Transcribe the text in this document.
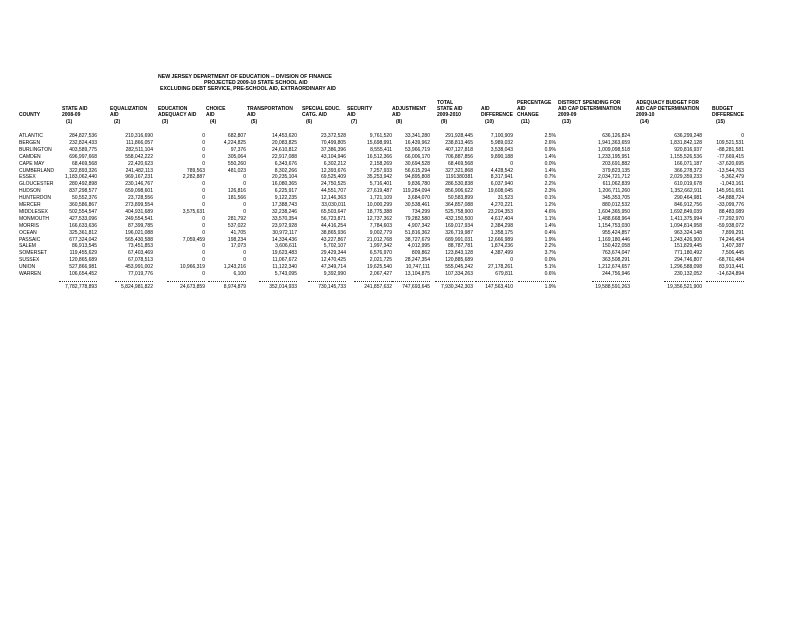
NEW JERSEY DEPARTMENT OF EDUCATION -- DIVISION OF FINANCE
PROJECTED 2009-10 STATE SCHOOL AID
EXCLUDING DEBT SERVICE, PRE-SCHOOL AID, EXTRAORDINARY AID
COUNTY
STATE AID
2008-09
(1)
EQUALIZATION
AID
(2)
EDUCATION
ADEQUACY AID
(3)
CHOICE
AID
(4)
TRANSPORTATION
AID
(5)
SPECIAL EDUC.
CATG. AID
(6)
SECURITY
AID
(7)
ADJUSTMENT
AID
(8)
TOTAL
STATE AID
2009-2010
(9)
AID
DIFFERENCE
(10)
PERCENTAGE
AID
CHANGE
(11)
DISTRICT SPENDING FOR
AID CAP DETERMINATION
2009-09
(13)
ADEQUACY BUDGET FOR
AID CAP DETERMINATION
2009-10
(14)
BUDGET
DIFFERENCE
(15)
ATLANTIC	284,827,536	210,316,690	0	682,807	14,453,620	23,372,528	9,761,520	33,341,280	291,928,445	7,100,909	2.5%	636,126,824	636,299,248	0
BERGEN	232,824,433	111,866,057	0	4,224,825	20,083,825	70,499,805	15,698,991	16,439,962	238,813,465	5,989,032	2.6%	1,941,363,659	1,831,842,128	109,521,531
BURLINGTON	403,589,775	282,511,104	0	97,376	24,610,812	37,386,396	8,555,411	53,966,719	407,127,818	3,538,043	0.9%	1,009,098,518	920,816,937	-88,281,581
CAMDEN	696,997,668	558,042,222	0	305,064	22,917,088	43,104,946	16,512,366	66,006,170	706,887,856	9,890,188	1.4%	1,233,195,951	1,155,526,536	-77,669,415
CAPE MAY	68,469,568	22,420,623	0	550,260	6,343,676	6,302,212	2,158,269	30,694,528	68,469,568	0	0.0%	203,691,882	166,071,187	-37,620,695
CUMBERLAND	322,893,326	241,482,113	789,563	481,023	8,302,266	12,393,676	7,257,933	56,615,294	327,321,868	4,428,542	1.4%	379,823,135	366,278,372	-13,544,763
ESSEX	1,183,062,440	969,167,231	2,282,887	0	20,235,104	69,525,409	35,253,942	94,895,808	1191380381	8,317,941	0.7%	2,034,721,712	2,029,359,233	-5,362,479
GLOUCESTER	280,492,898	230,146,767	0	0	16,080,365	24,750,525	5,716,401	9,836,780	286,530,838	6,037,940	2.2%	611,062,839	610,019,678	-1,043,161
HUDSON	837,298,577	659,098,601	0	126,816	6,225,917	44,551,707	27,619,487 119,284,094	856,906,622	19,608,045	2.3%	1,206,711,260	1,352,662,911	145,951,651
HUNTERDON	50,552,376	23,728,556	0	181,566	9,122,235	12,146,363	1,721,109	3,684,070	50,583,899	31,523	0.1%	345,353,705	290,464,981	-54,888,724
MERCER	360,586,867	273,899,554	0	0	17,388,743	33,030,011	10,000,299	30,538,461	364,857,088	4,270,221	1.2%	880,012,532	846,912,756	-33,099,776
MIDDLESEX	502,554,547	404,931,689	3,575,631	0	32,238,246	65,503,647	18,775,388	734,299	525,758,900	23,204,353	4.6%	1,604,365,950	1,692,849,039	88,483,089
MONMOUTH	427,533,096	249,554,541	0	281,792	33,570,354	56,723,871	12,737,362	79,282,580	432,150,500	4,617,404	1.1%	1,488,668,964	1,411,375,994	-77,292,970
MORRIS	166,633,636	87,399,785	0	537,022	23,972,928	44,416,254	7,784,603	4,907,342	169,017,934	2,384,298	1.4%	1,154,753,030	1,094,814,958	-59,938,072
OCEAN	325,361,812	196,021,088	0	41,705	30,972,117	38,865,936	9,002,779	51,816,362	326,719,987	1,358,175	0.4%	955,424,857	963,324,148	7,899,291
PASSAIC	677,324,042	565,430,588	7,059,459	198,234	14,334,436	43,227,867	21,012,768	38,727,679	689,991,031	12,666,989	1.9%	1,169,180,446	1,243,426,900	74,246,454
SALEM	86,913,545	73,451,853	0	17,073	3,606,611	5,702,107	1,997,342	4,012,995	88,787,781	1,874,236	2.2%	150,422,058	151,829,445	1,407,387
SOMERSET	119,455,629	67,403,469	0	0	19,623,483	29,429,344	6,576,970	809,862	123,843,128	4,387,499	3.7%	763,674,047	771,180,492	7,506,445
SUSSEX	120,865,689	67,078,513	0	0	11,067,672	12,470,425	2,021,725	28,247,354	120,885,689	0	0.0%	363,508,291	294,746,807	-68,761,484
UNION	527,866,981	453,991,002	10,966,319	1,243,216	11,122,340	47,349,714	19,625,540	10,747,111	555,045,242	27,178,261	5.1%	1,212,674,657	1,296,588,098	83,913,441
WARREN	106,654,452	77,019,776	0	6,100	5,743,095	9,392,990	2,067,427	13,104,875	107,334,263	679,811	0.6%	244,756,946	230,132,052	-14,624,894
7,782,778,893	5,824,981,822	24,673,859	8,974,879	352,014,933	730,145,733	241,857,632 747,693,645 7,930,342,303 147,563,410	1.9%	19,588,591,263	19,356,521,900
